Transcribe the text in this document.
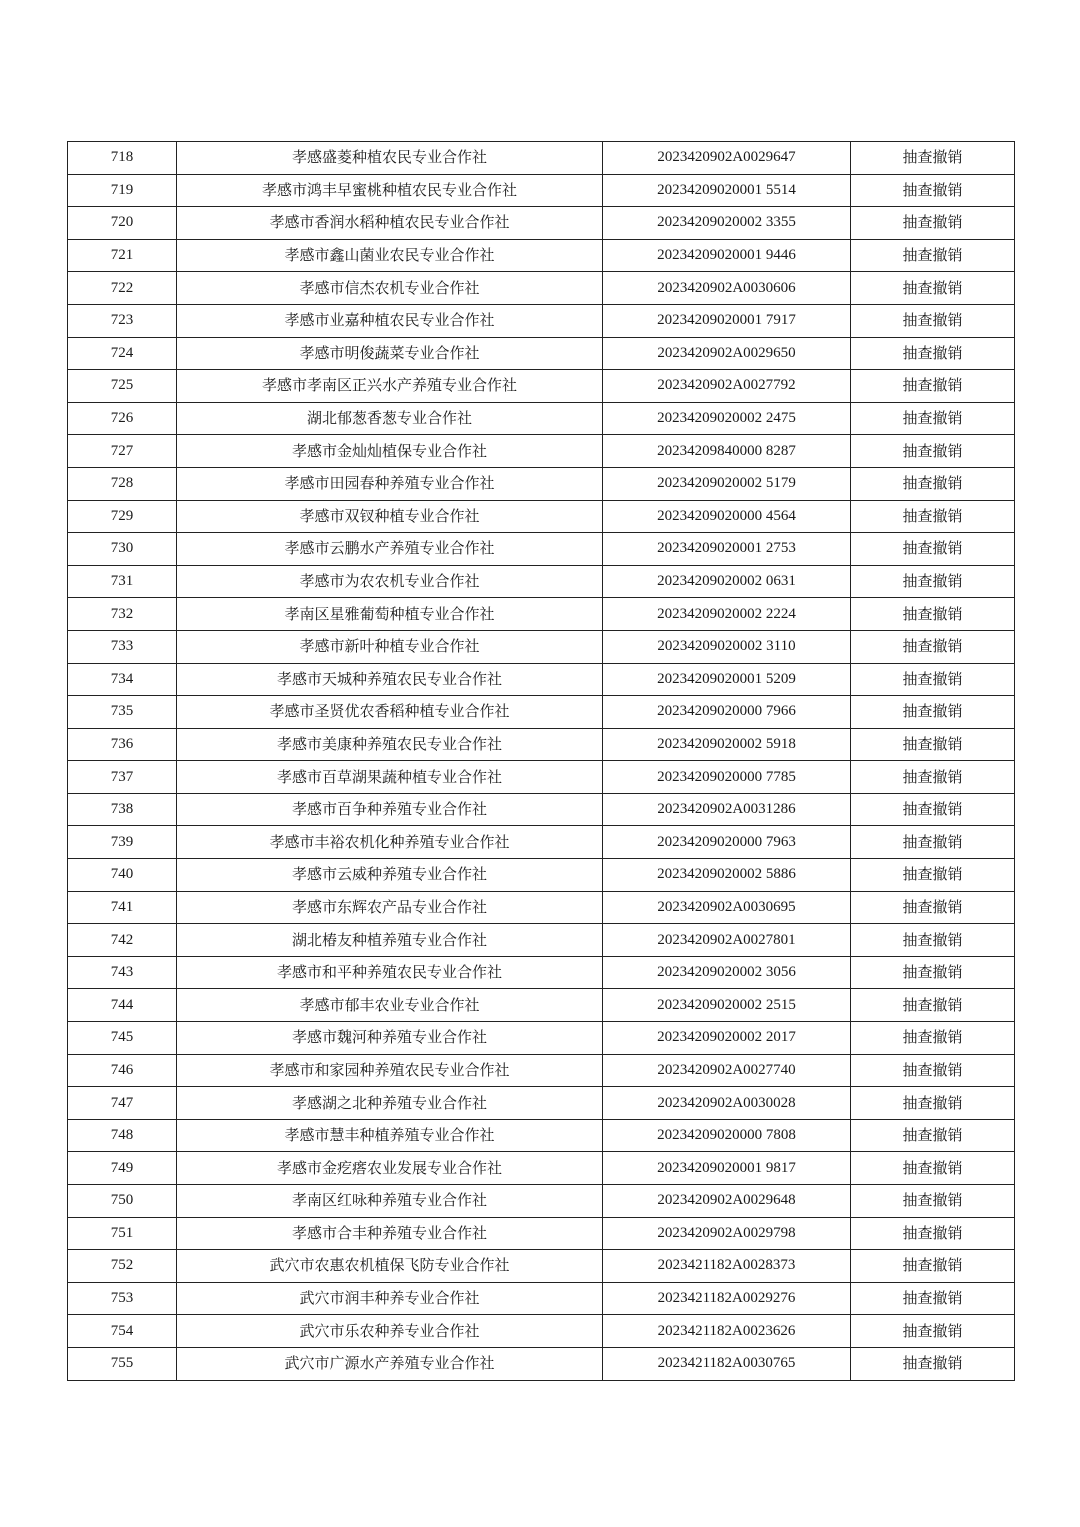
718	孝感盛菱种植农民专业合作社	2023420902A0029647	抽查撤销
719	孝感市鸿丰早蜜桃种植农民专业合作社	20234209020001 5514	抽查撤销
720	孝感市香润水稻种植农民专业合作社	20234209020002 3355	抽查撤销
721	孝感市鑫山菌业农民专业合作社	20234209020001 9446	抽查撤销
722	孝感市信杰农机专业合作社	2023420902A0030606	抽查撤销
723	孝感市业嘉种植农民专业合作社	20234209020001 7917	抽查撤销
724	孝感市明俊蔬菜专业合作社	2023420902A0029650	抽查撤销
725	孝感市孝南区正兴水产养殖专业合作社	2023420902A0027792	抽查撤销
726	湖北郁葱香葱专业合作社	20234209020002 2475	抽查撤销
727	孝感市金灿灿植保专业合作社	20234209840000 8287	抽查撤销
728	孝感市田园春种养殖专业合作社	20234209020002 5179	抽查撤销
729	孝感市双钗种植专业合作社	20234209020000 4564	抽查撤销
730	孝感市云鹏水产养殖专业合作社	20234209020001 2753	抽查撤销
731	孝感市为农农机专业合作社	20234209020002 0631	抽查撤销
732	孝南区星雅葡萄种植专业合作社	20234209020002 2224	抽查撤销
733	孝感市新叶种植专业合作社	20234209020002 3110	抽查撤销
734	孝感市天城种养殖农民专业合作社	20234209020001 5209	抽查撤销
735	孝感市圣贤优农香稻种植专业合作社	20234209020000 7966	抽查撤销
736	孝感市美康种养殖农民专业合作社	20234209020002 5918	抽查撤销
737	孝感市百草湖果蔬种植专业合作社	20234209020000 7785	抽查撤销
738	孝感市百争种养殖专业合作社	2023420902A0031286	抽查撤销
739	孝感市丰裕农机化种养殖专业合作社	20234209020000 7963	抽查撤销
740	孝感市云威种养殖专业合作社	20234209020002 5886	抽查撤销
741	孝感市东辉农产品专业合作社	2023420902A0030695	抽查撤销
742	湖北椿友种植养殖专业合作社	2023420902A0027801	抽查撤销
743	孝感市和平种养殖农民专业合作社	20234209020002 3056	抽查撤销
744	孝感市郁丰农业专业合作社	20234209020002 2515	抽查撤销
745	孝感市魏河种养殖专业合作社	20234209020002 2017	抽查撤销
746	孝感市和家园种养殖农民专业合作社	2023420902A0027740	抽查撤销
747	孝感湖之北种养殖专业合作社	2023420902A0030028	抽查撤销
748	孝感市慧丰种植养殖专业合作社	20234209020000 7808	抽查撤销
749	孝感市金疙瘩农业发展专业合作社	20234209020001 9817	抽查撤销
750	孝南区红咏种养殖专业合作社	2023420902A0029648	抽查撤销
751	孝感市合丰种养殖专业合作社	2023420902A0029798	抽查撤销
752	武穴市农惠农机植保飞防专业合作社	2023421182A0028373	抽查撤销
753	武穴市润丰种养专业合作社	2023421182A0029276	抽查撤销
754	武穴市乐农种养专业合作社	2023421182A0023626	抽查撤销
755	武穴市广源水产养殖专业合作社	2023421182A0030765	抽查撤销
